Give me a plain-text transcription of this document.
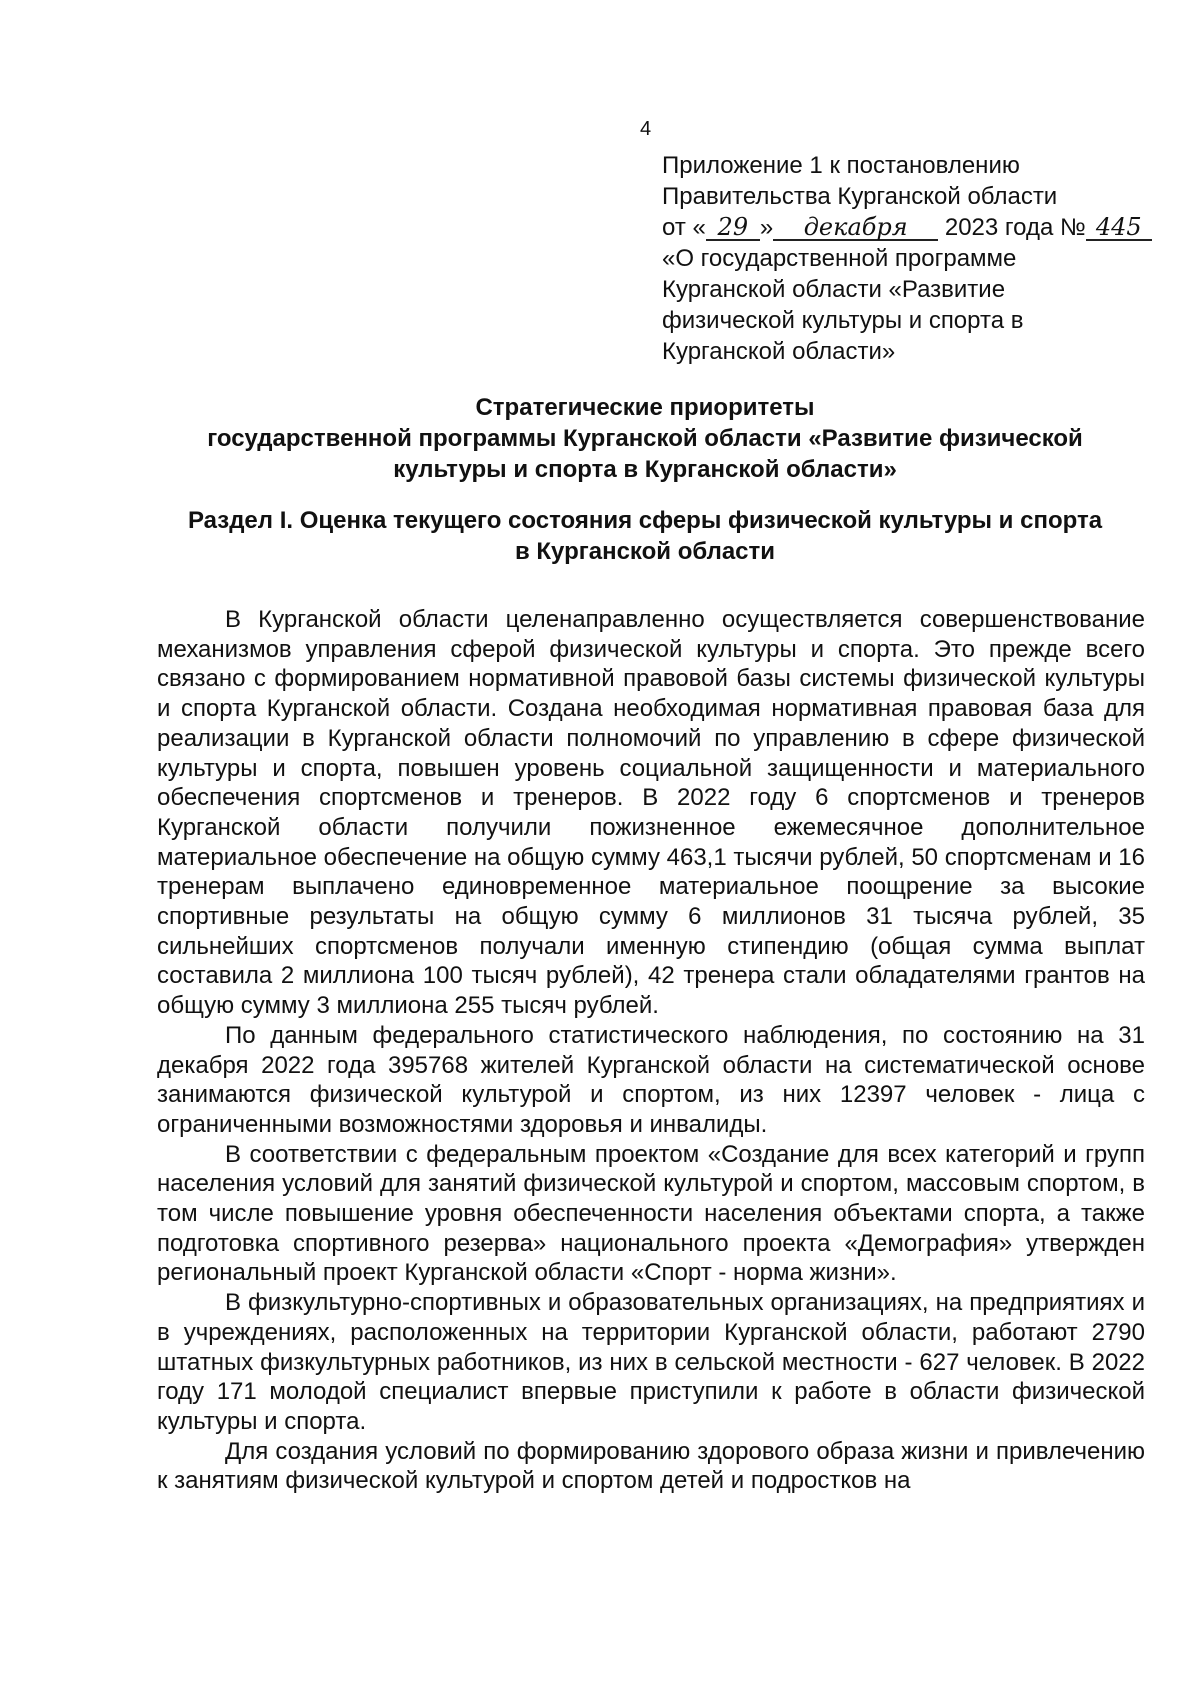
4
Приложение 1 к постановлению
Правительства Курганской области
от « 29 » декабря 2023 года № 445
«О государственной программе
Курганской области «Развитие
физической культуры и спорта в
Курганской области»
Стратегические приоритеты
государственной программы Курганской области «Развитие физической
культуры и спорта в Курганской области»
Раздел I. Оценка текущего состояния сферы физической культуры и спорта
в Курганской области

В Курганской области целенаправленно осуществляется совершенствование механизмов управления сферой физической культуры и спорта. Это прежде всего связано с формированием нормативной правовой базы системы физической культуры и спорта Курганской области. Создана необходимая нормативная правовая база для реализации в Курганской области полномочий по управлению в сфере физической культуры и спорта, повышен уровень социальной защищенности и материального обеспечения спортсменов и тренеров. В 2022 году 6 спортсменов и тренеров Курганской области получили пожизненное ежемесячное дополнительное материальное обеспечение на общую сумму 463,1 тысячи рублей, 50 спортсменам и 16 тренерам выплачено единовременное материальное поощрение за высокие спортивные результаты на общую сумму 6 миллионов 31 тысяча рублей, 35 сильнейших спортсменов получали именную стипендию (общая сумма выплат составила 2 миллиона 100 тысяч рублей), 42 тренера стали обладателями грантов на общую сумму 3 миллиона 255 тысяч рублей.

По данным федерального статистического наблюдения, по состоянию на 31 декабря 2022 года 395768 жителей Курганской области на систематической основе занимаются физической культурой и спортом, из них 12397 человек - лица с ограниченными возможностями здоровья и инвалиды.

В соответствии с федеральным проектом «Создание для всех категорий и групп населения условий для занятий физической культурой и спортом, массовым спортом, в том числе повышение уровня обеспеченности населения объектами спорта, а также подготовка спортивного резерва» национального проекта «Демография» утвержден региональный проект Курганской области «Спорт - норма жизни».

В физкультурно-спортивных и образовательных организациях, на предприятиях и в учреждениях, расположенных на территории Курганской области, работают 2790 штатных физкультурных работников, из них в сельской местности - 627 человек. В 2022 году 171 молодой специалист впервые приступили к работе в области физической культуры и спорта.

Для создания условий по формированию здорового образа жизни и привлечению к занятиям физической культурой и спортом детей и подростков на
